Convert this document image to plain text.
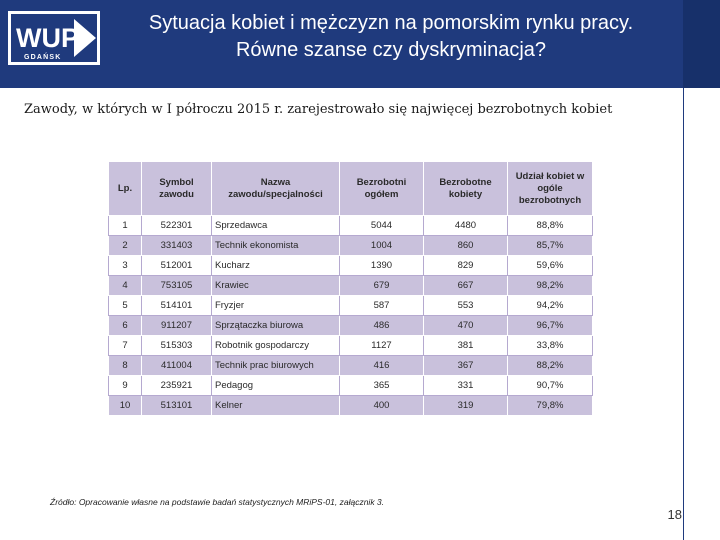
WUP
GDAŃSK
Sytuacja kobiet i mężczyzn na pomorskim rynku pracy.
Równe szanse czy dyskryminacja?
Zawody, w których w I półroczu 2015 r. zarejestrowało się najwięcej bezrobotnych kobiet
Lp.	Symbol zawodu	Nazwa zawodu/specjalności	Bezrobotni ogółem	Bezrobotne kobiety	Udział kobiet w ogóle bezrobotnych
1	522301	Sprzedawca	5044	4480	88,8%
2	331403	Technik ekonomista	1004	860	85,7%
3	512001	Kucharz	1390	829	59,6%
4	753105	Krawiec	679	667	98,2%
5	514101	Fryzjer	587	553	94,2%
6	911207	Sprzątaczka biurowa	486	470	96,7%
7	515303	Robotnik gospodarczy	1127	381	33,8%
8	411004	Technik prac biurowych	416	367	88,2%
9	235921	Pedagog	365	331	90,7%
10	513101	Kelner	400	319	79,8%
Źródło: Opracowanie własne na podstawie badań statystycznych MRiPS-01, załącznik 3.
18
